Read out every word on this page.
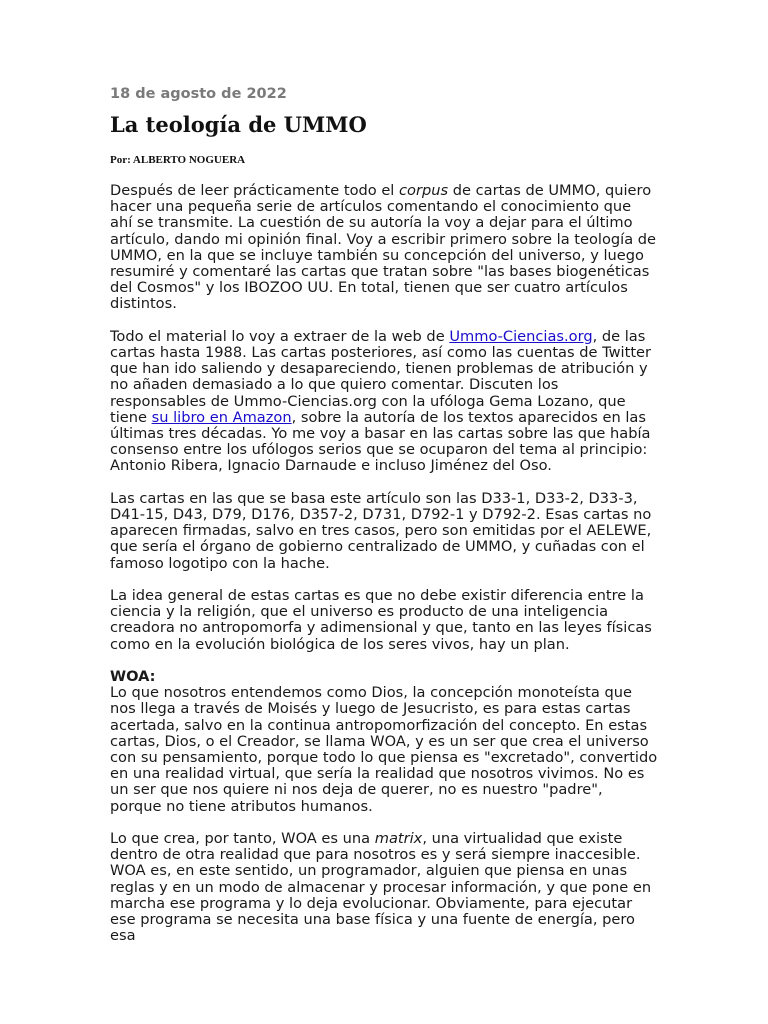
18 de agosto de 2022
La teología de UMMO
Por: ALBERTO NOGUERA

Después de leer prácticamente todo el corpus de cartas de UMMO, quiero hacer una pequeña serie de artículos comentando el conocimiento que ahí se transmite. La cuestión de su autoría la voy a dejar para el último artículo, dando mi opinión final. Voy a escribir primero sobre la teología de UMMO, en la que se incluye también su concepción del universo, y luego resumiré y comentaré las cartas que tratan sobre "las bases biogenéticas del Cosmos" y los IBOZOO UU. En total, tienen que ser cuatro artículos distintos.

Todo el material lo voy a extraer de la web de Ummo-Ciencias.org, de las cartas hasta 1988. Las cartas posteriores, así como las cuentas de Twitter que han ido saliendo y desapareciendo, tienen problemas de atribución y no añaden demasiado a lo que quiero comentar. Discuten los responsables de Ummo-Ciencias.org con la ufóloga Gema Lozano, que tiene su libro en Amazon, sobre la autoría de los textos aparecidos en las últimas tres décadas. Yo me voy a basar en las cartas sobre las que había consenso entre los ufólogos serios que se ocuparon del tema al principio: Antonio Ribera, Ignacio Darnaude e incluso Jiménez del Oso.

Las cartas en las que se basa este artículo son las D33-1, D33-2, D33-3, D41-15, D43, D79, D176, D357-2, D731, D792-1 y D792-2. Esas cartas no aparecen firmadas, salvo en tres casos, pero son emitidas por el AELEWE, que sería el órgano de gobierno centralizado de UMMO, y cuñadas con el famoso logotipo con la hache.

La idea general de estas cartas es que no debe existir diferencia entre la ciencia y la religión, que el universo es producto de una inteligencia creadora no antropomorfa y adimensional y que, tanto en las leyes físicas como en la evolución biológica de los seres vivos, hay un plan.

WOA:
Lo que nosotros entendemos como Dios, la concepción monoteísta que nos llega a través de Moisés y luego de Jesucristo, es para estas cartas acertada, salvo en la continua antropomorfización del concepto. En estas cartas, Dios, o el Creador, se llama WOA, y es un ser que crea el universo con su pensamiento, porque todo lo que piensa es "excretado", convertido en una realidad virtual, que sería la realidad que nosotros vivimos. No es un ser que nos quiere ni nos deja de querer, no es nuestro "padre", porque no tiene atributos humanos.

Lo que crea, por tanto, WOA es una matrix, una virtualidad que existe dentro de otra realidad que para nosotros es y será siempre inaccesible. WOA es, en este sentido, un programador, alguien que piensa en unas reglas y en un modo de almacenar y procesar información, y que pone en marcha ese programa y lo deja evolucionar. Obviamente, para ejecutar ese programa se necesita una base física y una fuente de energía, pero esa
